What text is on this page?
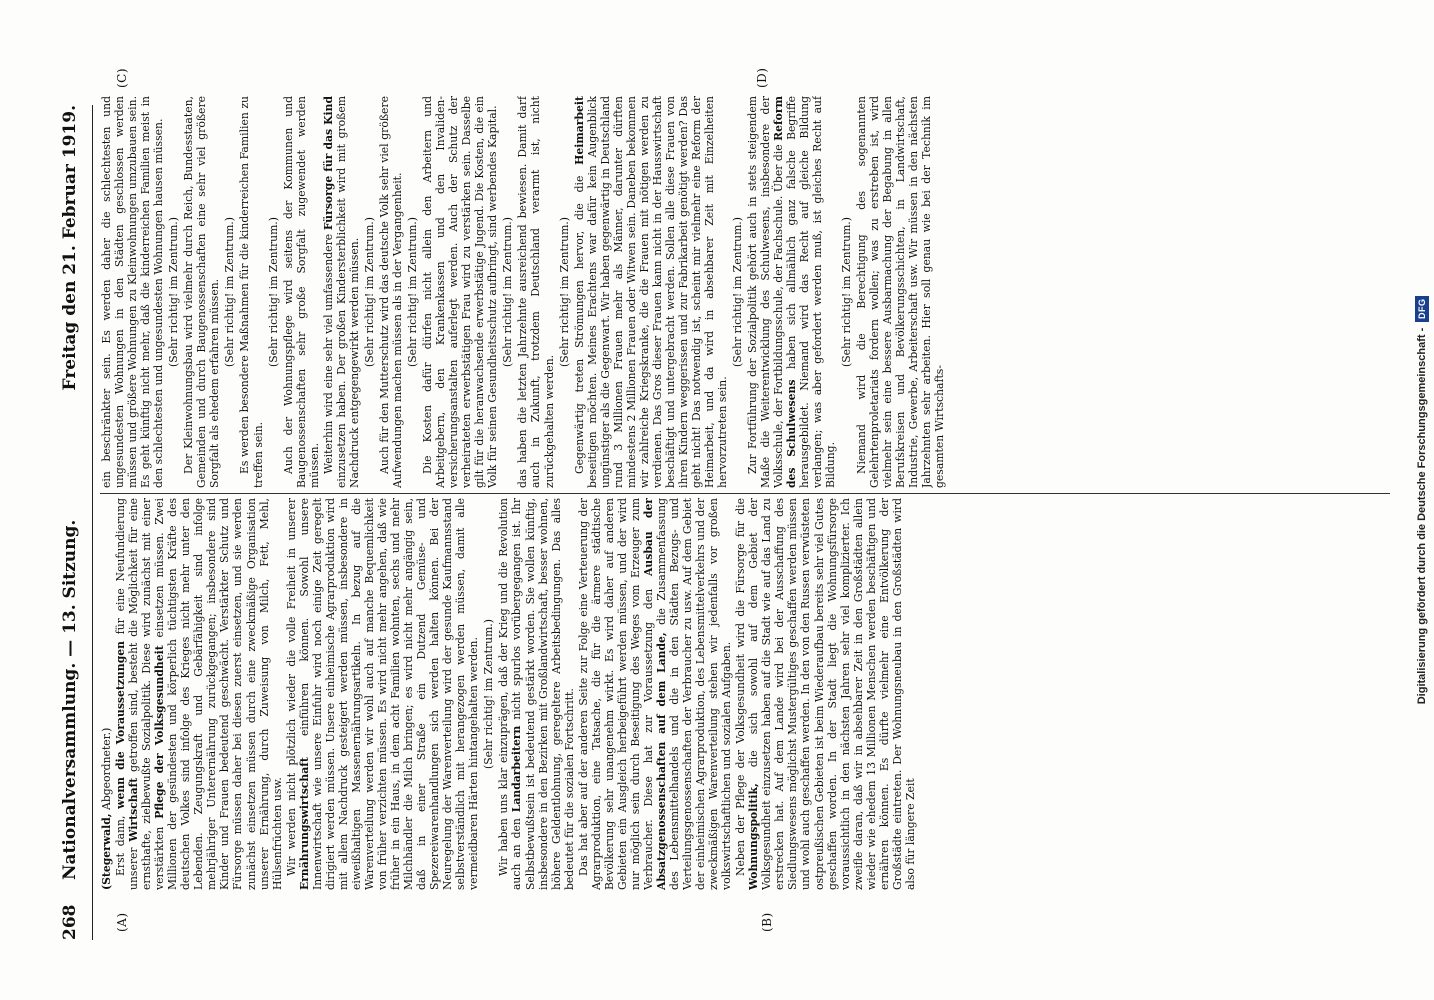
268
Nationalversammlung. — 13. Sitzung.
Freitag den 21. Februar 1919.
(A)	(B)
(C)	(D)

(Stegerwald, Abgeordneter.)

Erst dann, wenn die Voraussetzungen für eine Neufundierung unserer Wirtschaft getroffen sind, besteht die Möglichkeit für eine ernsthafte, zielbewußte Sozialpolitik. Diese wird zunächst mit einer verstärkten Pflege der Volksgesundheit einsetzen müssen. Zwei Millionen der gesündesten und körperlich tüchtigsten Kräfte des deutschen Volkes sind infolge des Krieges nicht mehr unter den Lebenden. Zeugungskraft und Gebärfähigkeit sind infolge mehrjähriger Unterernährung zurückgegangen; insbesondere sind Kinder und Frauen bedeutend geschwächt. Verstärkter Schutz und Fürsorge müssen daher bei diesen zuerst einsetzen, und sie werden zunächst einsetzen müssen durch eine zweckmäßige Organisation unserer Ernährung, durch Zuweisung von Milch, Fett, Mehl, Hülsenfrüchten usw. Wir werden nicht plötzlich wieder die volle Freiheit in unserer Ernährungswirtschaft einführen können. Sowohl unsere Innenwirtschaft wie unsere Einfuhr wird noch einige Zeit geregelt dirigiert werden müssen. Unsere einheimische Agrarproduktion wird mit allem Nachdruck gesteigert werden müssen, insbesondere in eiweißhaltigen Massenernährungsartikeln. In bezug auf die Warenverteilung werden wir wohl auch auf manche Bequemlichkeit von früher verzichten müssen. Es wird nicht mehr angehen, daß wie früher in ein Haus, in dem acht Familien wohnten, sechs und mehr Milchhändler die Milch bringen; es wird nicht mehr angängig sein, daß in einer Straße ein Dutzend Gemüse- und Spezereiwarenhandlungen sich werden halten können. Bei der Neuregelung der Warenverteilung wird der gesunde Kaufmannsstand selbstverständlich mit herangezogen werden müssen, damit alle vermeidbaren Härten hintangehalten werden. (Sehr richtig! im Zentrum.) Wir haben uns klar einzuprägen, daß der Krieg und die Revolution auch an den Landarbeitern nicht spurlos vorübergegangen ist. Ihr Selbstbewußtsein ist bedeutend gestärkt worden. Sie wollen künftig, insbesondere in den Bezirken mit Großlandwirtschaft, besser wohnen, höhere Geldentlohnung, geregeltere Arbeitsbedingungen. Das alles bedeutet für die sozialen Fortschritt. Das hat aber auf der anderen Seite zur Folge eine Verteuerung der Agrarproduktion, eine Tatsache, die für die ärmere städtische Bevölkerung sehr unangenehm wirkt. Es wird daher auf anderen Gebieten ein Ausgleich herbeigeführt werden müssen, und der wird nur möglich sein durch Beseitigung des Weges vom Erzeuger zum Verbraucher. Diese hat zur Voraussetzung den Ausbau der Absatzgenossenschaften auf dem Lande, die Zusammenfassung des Lebensmittelhandels und die in den Städten Bezugs- und Verteilungsgenossenschaften der Verbraucher zu usw. Auf dem Gebiet der einheimischen Agrarproduktion, des Lebensmittelverkehrs und der zweckmäßigen Warenverteilung stehen wir jedenfalls vor großen volkswirtschaftlichen und sozialen Aufgaben. Neben der Pflege der Volksgesundheit wird die Fürsorge für die Wohnungspolitik, die sich sowohl auf dem Gebiet der Volksgesundheit einzusetzen haben auf die Stadt wie auf das Land zu erstrecken hat. Auf dem Lande wird bei der Ausschaffung des Siedlungswesens möglichst Mustergültiges geschaffen werden müssen und wohl auch geschaffen werden. In den von den Russen verwüsteten ostpreußischen Gebieten ist beim Wiederaufbau bereits sehr viel Gutes geschaffen worden. In der Stadt liegt die Wohnungsfürsorge voraussichtlich in den nächsten Jahren sehr viel komplizierter. Ich zweifle daran, daß wir in absehbarer Zeit in den Großstädten allein wieder wie ehedem 13 Millionen Menschen werden beschäftigen und ernähren können. Es dürfte vielmehr eine Entvölkerung der Großstädte eintreten. Der Wohnungsneubau in den Großstädten wird also für längere Zeit

ein beschränkter sein. Es werden daher die schlechtesten und ungesundesten Wohnungen in den Städten geschlossen werden müssen und größere Wohnungen zu Kleinwohnungen umzubauen sein. Es geht künftig nicht mehr, daß die kinderreichen Familien meist in den schlechtesten und ungesundesten Wohnungen hausen müssen. (Sehr richtig! im Zentrum.) Der Kleinwohnungsbau wird vielmehr durch Reich, Bundesstaaten, Gemeinden und durch Baugenossenschaften eine sehr viel größere Sorgfalt als ehedem erfahren müssen. (Sehr richtig! im Zentrum.) Es werden besondere Maßnahmen für die kinderreichen Familien zu treffen sein.

(Sehr richtig! im Zentrum.) Auch der Wohnungspflege wird seitens der Kommunen und Baugenossenschaften sehr große Sorgfalt zugewendet werden müssen. Weiterhin wird eine sehr viel umfassendere Fürsorge für das Kind einzusetzen haben. Der großen Kindersterblichkeit wird mit großem Nachdruck entgegengewirkt werden müssen. (Sehr richtig! im Zentrum.) Auch für den Mutterschutz wird das deutsche Volk sehr viel größere Aufwendungen machen müssen als in der Vergangenheit. (Sehr richtig! im Zentrum.) Die Kosten dafür dürfen nicht allein den Arbeitern und Arbeitgebern, den Krankenkassen und den Invalidenversicherungsanstalten auferlegt werden. Auch der Schutz der verheirateten erwerbstätigen Frau wird zu verstärken sein. Dasselbe gilt für die heranwachsende erwerbstätige Jugend. Die Kosten, die ein Volk für seinen Gesundheitsschutz aufbringt, sind werbendes Kapital. (Sehr richtig! im Zentrum.) das haben die letzten Jahrzehnte ausreichend bewiesen. Damit darf auch in Zukunft, trotzdem Deutschland verarmt ist, nicht zurückgehalten werden.

(Sehr richtig! im Zentrum.) Gegenwärtig treten Strömungen hervor, die die Heimarbeit beseitigen möchten. Meines Erachtens war dafür kein Augenblick ungünstiger als die Gegenwart. Wir haben gegenwärtig in Deutschland rund 3 Millionen Frauen mehr als Männer, darunter dürften mindestens 2 Millionen Frauen oder Witwen sein. Daneben bekommen wir zahlreiche Kriegskranke, die die Frauen mit nötigen werden zu verdienen. Das Gros dieser Frauen kann nicht in der Hausswirtschaft beschäftigt und untergebracht werden. Sollen alle diese Frauen von ihren Kindern weggerissen und zur Fabrikarbeit genötigt werden? Das geht nicht! Das notwendig ist, scheint mir vielmehr eine Reform der Heimarbeit, und da wird in absehbarer Zeit mit Einzelheiten hervorzutreten sein.

(Sehr richtig! im Zentrum.) Zur Fortführung der Sozialpolitik gehört auch in stets steigendem Maße die Weiterentwicklung des Schulwesens, insbesondere der Volksschule, der Fortbildungsschule, der Fachschule. Über die Reform des Schulwesens haben sich allmählich ganz falsche Begriffe herausgebildet. Niemand wird das Recht auf gleiche Bildung verlangen; was aber gefordert werden muß, ist gleiches Recht auf Bildung.

(Sehr richtig! im Zentrum.) Niemand wird die Berechtigung des sogenannten Gelehrtenproletariats fordern wollen; was zu erstreben ist, wird vielmehr sein eine bessere Ausbarmachung der Begabung in allen Berufskreisen und Bevölkerungsschichten, in Landwirtschaft, Industrie, Gewerbe, Arbeiterschaft usw. Wir müssen in den nächsten Jahrzehnten sehr arbeiten. Hier soll genau wie bei der Technik im gesamten Wirtschafts-	Digitalisierung gefördert durch die Deutsche Forschungsgemeinschaft -
DFG
